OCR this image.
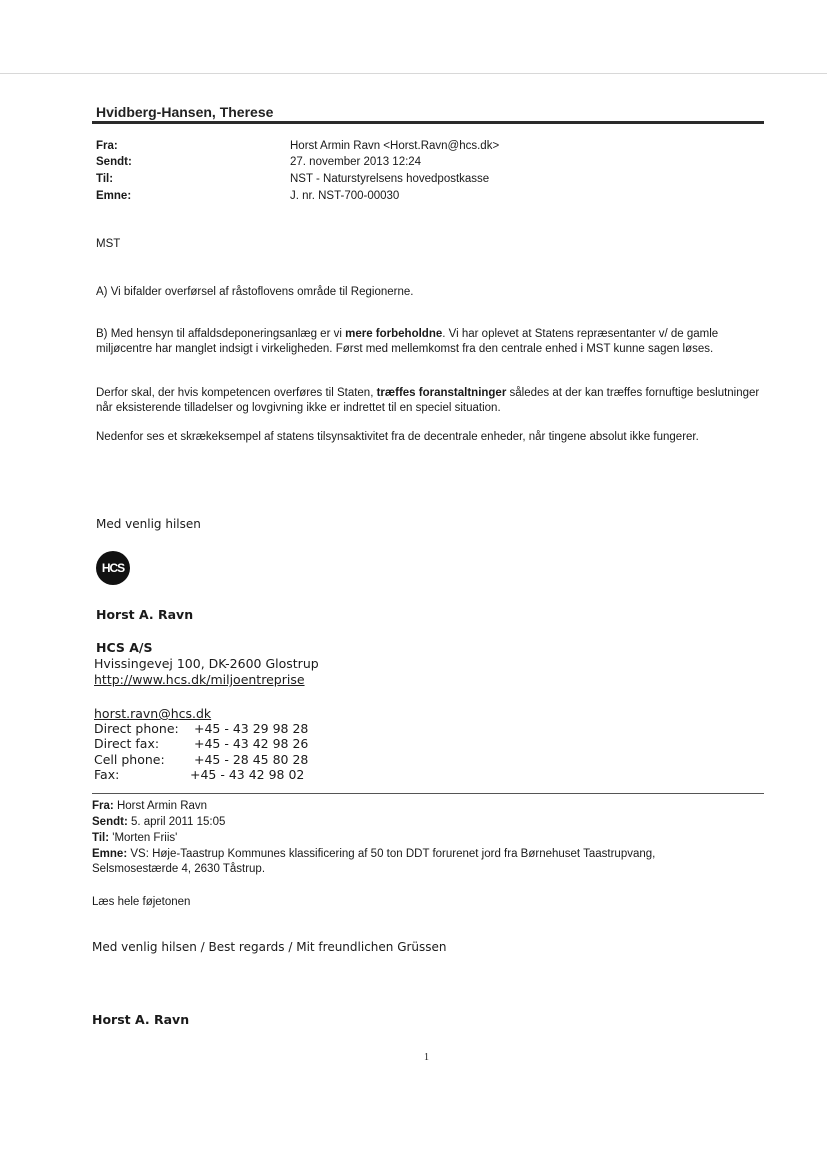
Hvidberg-Hansen, Therese
Fra:	Horst Armin Ravn <Horst.Ravn@hcs.dk>
Sendt:	27. november 2013 12:24
Til:	NST - Naturstyrelsens hovedpostkasse
Emne:	J. nr. NST-700-00030
MST
A) Vi bifalder overførsel af råstoflovens område til Regionerne.
B) Med hensyn til affaldsdeponeringsanlæg er vi mere forbeholdne. Vi har oplevet at Statens repræsentanter v/ de gamle miljøcentre har manglet indsigt i virkeligheden. Først med mellemkomst fra den centrale enhed i MST kunne sagen løses.
Derfor skal, der hvis kompetencen overføres til Staten, træffes foranstaltninger således at der kan træffes fornuftige beslutninger når eksisterende tilladelser og lovgivning ikke er indrettet til en speciel situation.
Nedenfor ses et skrækeksempel af statens tilsynsaktivitet fra de decentrale enheder, når tingene absolut ikke fungerer.
Med venlig hilsen
HCS
Horst A. Ravn
HCS A/S
Hvissingevej 100, DK-2600 Glostrup
http://www.hcs.dk/miljoentreprise
horst.ravn@hcs.dk
Direct phone: +45 - 43 29 98 28
Direct fax:	+45 - 43 42 98 26
Cell phone: +45 - 28 45 80 28
Fax:	+45 - 43 42 98 02
Fra: Horst Armin Ravn
Sendt: 5. april 2011 15:05
Til: 'Morten Friis'
Emne: VS: Høje-Taastrup Kommunes klassificering af 50 ton DDT forurenet jord fra Børnehuset Taastrupvang,
Selsmosestærde 4, 2630 Tåstrup.
Læs hele føjetonen
Med venlig hilsen / Best regards / Mit freundlichen Grüssen
Horst A. Ravn
1
